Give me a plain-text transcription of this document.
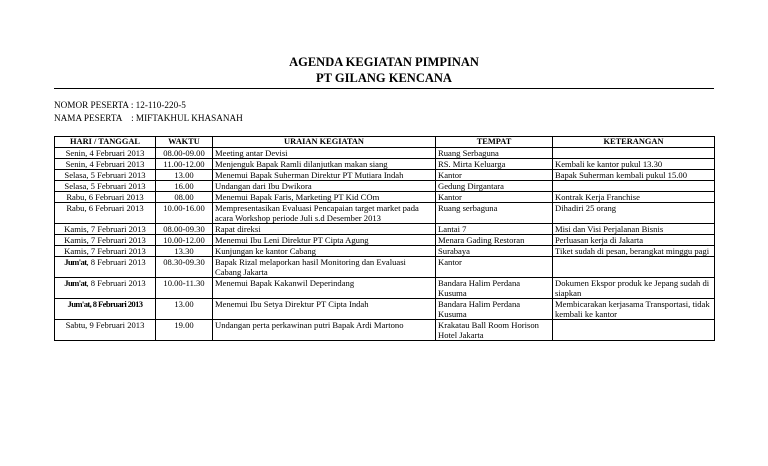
AGENDA KEGIATAN PIMPINAN
PT GILANG KENCANA
NOMOR PESERTA : 12-110-220-5
NAMA PESERTA    : MIFTAKHUL KHASANAH
HARI / TANGGAL	WAKTU	URAIAN KEGIATAN	TEMPAT	KETERANGAN
Senin, 4 Februari 2013	08.00-09.00	Meeting antar Devisi	Ruang Serbaguna	
Senin, 4 Februari 2013	11.00-12.00	Menjenguk Bapak Ramli dilanjutkan makan siang	RS. Mirta Keluarga	Kembali ke kantor pukul 13.30
Selasa, 5 Februari 2013	13.00	Menemui Bapak Suherman Direktur PT Mutiara Indah	Kantor	Bapak Suherman kembali pukul 15.00
Selasa, 5 Februari 2013	16.00	Undangan dari Ibu Dwikora	Gedung Dirgantara	
Rabu, 6 Februari 2013	08.00	Menemui Bapak Faris, Marketing PT Kid COm	Kantor	Kontrak Kerja Franchise
Rabu, 6 Februari 2013	10.00-16.00	Mempresentasikan Evaluasi Pencapaian target market pada acara Workshop periode Juli s.d Desember 2013	Ruang serbaguna	Dihadiri 25 orang
Kamis, 7 Februari 2013	08.00-09.30	Rapat direksi	Lantai 7	Misi dan Visi Perjalanan Bisnis
Kamis, 7 Februari 2013	10.00-12.00	Menemui Ibu Leni Direktur PT Cipta Agung	Menara Gading Restoran	Perluasan kerja di Jakarta
Kamis, 7 Februari 2013	13.30	Kunjungan ke kantor Cabang	Surabaya	Tiket sudah di pesan, berangkat minggu pagi
Jum'at, 8 Februari 2013	08.30-09.30	Bapak Rizal melaporkan hasil Monitoring dan Evaluasi Cabang Jakarta	Kantor	
Jum'at, 8 Februari 2013	10.00-11.30	Menemui Bapak Kakanwil Deperindang	Bandara Halim Perdana Kusuma	Dokumen Ekspor produk ke Jepang sudah di siapkan
Jum'at, 8 Februari 2013	13.00	Menemui Ibu Setya Direktur PT Cipta Indah	Bandara Halim Perdana Kusuma	Membicarakan kerjasama Transportasi, tidak kembali ke kantor
Sabtu, 9 Februari 2013	19.00	Undangan perta perkawinan putri Bapak Ardi Martono	Krakatau Ball Room Horison Hotel Jakarta	
